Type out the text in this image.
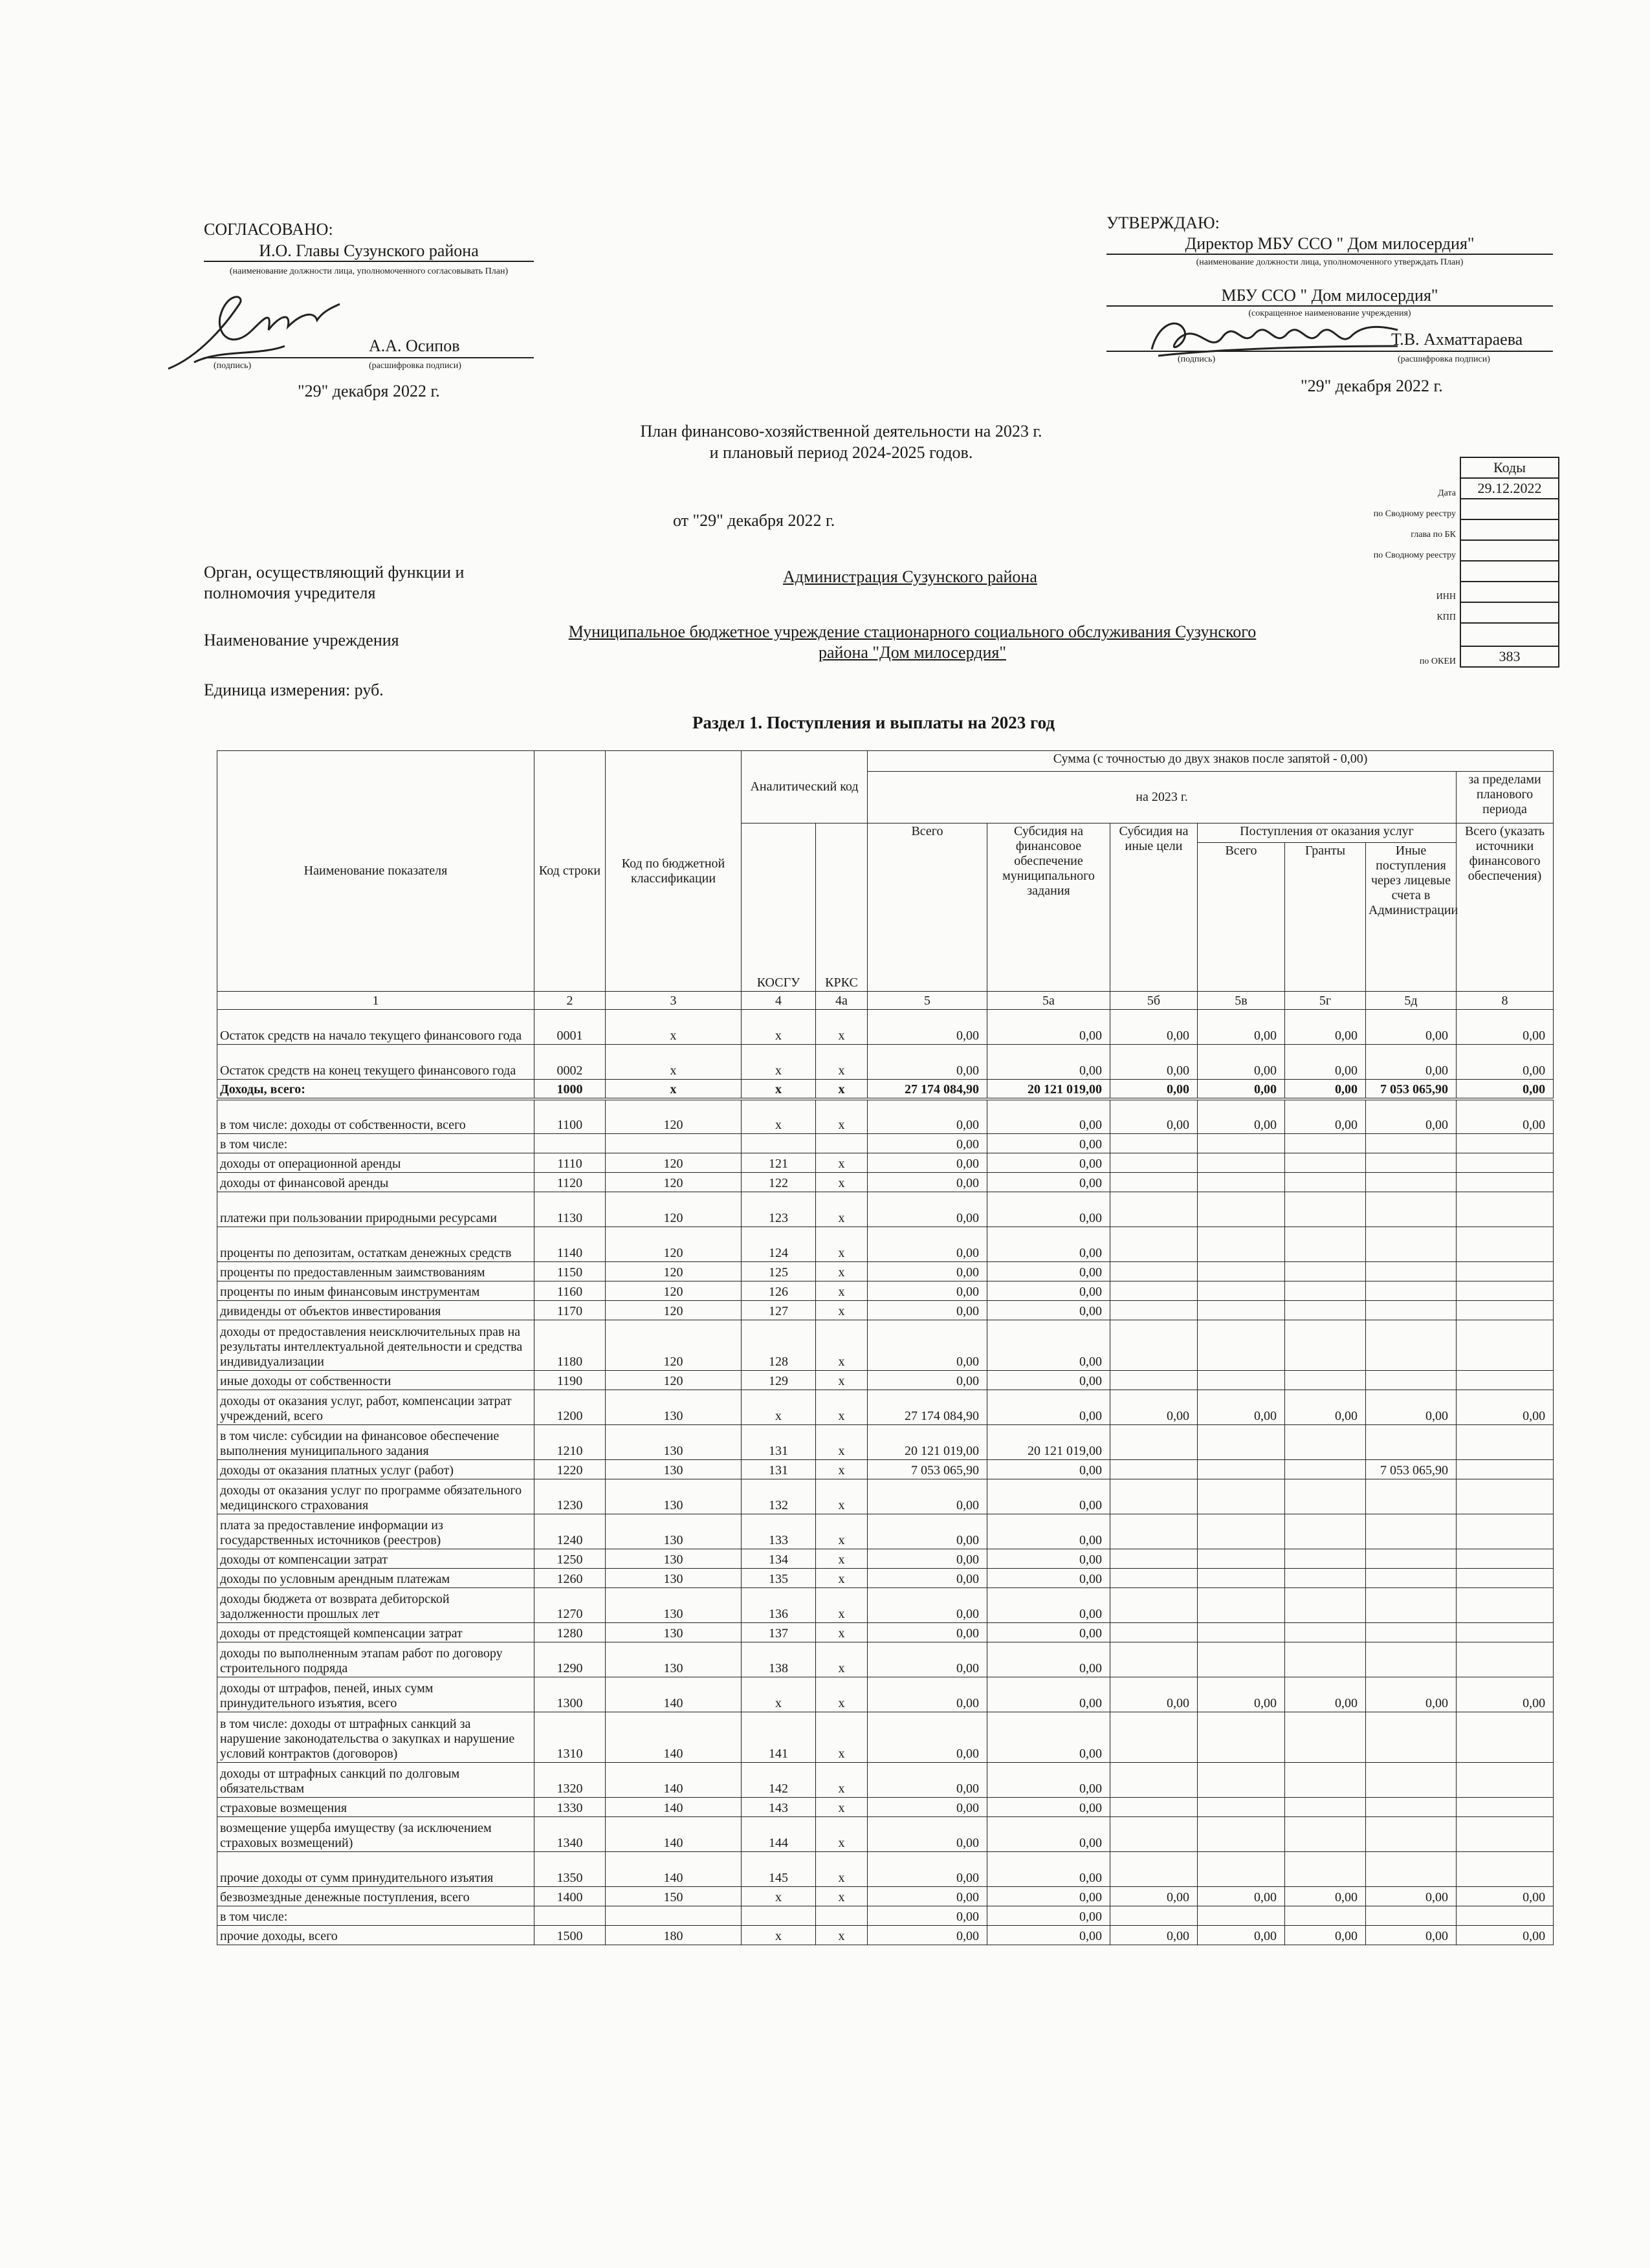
СОГЛАСОВАНО:
И.О. Главы Сузунского района
(наименование должности лица, уполномоченного согласовывать План)
А.А. Осипов
(подпись)	(расшифровка подписи)
"29" декабря 2022 г.
УТВЕРЖДАЮ:
Директор МБУ ССО " Дом милосердия"
(наименование должности лица, уполномоченного утверждать План)
МБУ ССО " Дом милосердия"
(сокращенное наименование учреждения)
Т.В. Ахматтараева
(подпись)	(расшифровка подписи)
"29" декабря 2022 г.
План финансово-хозяйственной деятельности на 2023 г.
и плановый период 2024-2025 годов.
от "29" декабря 2022 г.
	Коды
Дата	29.12.2022
по Сводному реестру	
глава по БК	
по Сводному реестру	

ИНН	
КПП	

по ОКЕИ	383
Орган, осуществляющий функции и
полномочия учредителя
Администрация Сузунского района
Наименование учреждения	Муниципальное бюджетное учреждение стационарного социального обслуживания Сузунского
района "Дом милосердия"
Единица измерения: руб.
Раздел 1. Поступления и выплаты на 2023 год
Наименование показателя	Код строки	Код по бюджетной классификации	Аналитический код		Сумма (с точностью до двух знаков после запятой - 0,00)						
					на 2023 г.						за пределами планового периода
			КОСГУ	КРКС	Всего	Субсидия на финансовое обеспечение муниципального задания	Субсидия на иные цели	Поступления от оказания услуг			Всего (указать источники финансового обеспечения)
								Всего	Гранты	Иные поступления через лицевые счета в Администрации	
1	2	3	4	4а	5	5а	5б	5в	5г	5д	8
Остаток средств на начало текущего финансового года	0001	х	х	х	0,00	0,00	0,00	0,00	0,00	0,00	0,00
Остаток средств на конец текущего финансового года	0002	х	х	х	0,00	0,00	0,00	0,00	0,00	0,00	0,00
Доходы, всего:	1000	х	х	х	27 174 084,90	20 121 019,00	0,00	0,00	0,00	7 053 065,90	0,00
в том числе: доходы от собственности, всего	1100	120	х	х	0,00	0,00	0,00	0,00	0,00	0,00	0,00
в том числе:					0,00	0,00					
доходы от операционной аренды	1110	120	121	х	0,00	0,00					
доходы от финансовой аренды	1120	120	122	х	0,00	0,00					
платежи при пользовании природными ресурсами	1130	120	123	х	0,00	0,00					
проценты по депозитам, остаткам денежных средств	1140	120	124	х	0,00	0,00					
проценты по предоставленным заимствованиям	1150	120	125	х	0,00	0,00					
проценты по иным финансовым инструментам	1160	120	126	х	0,00	0,00					
дивиденды от объектов инвестирования	1170	120	127	х	0,00	0,00					
доходы от предоставления неисключительных прав на результаты интеллектуальной деятельности и средства индивидуализации	1180	120	128	х	0,00	0,00					
иные доходы от собственности	1190	120	129	х	0,00	0,00					
доходы от оказания услуг, работ, компенсации затрат учреждений, всего	1200	130	х	х	27 174 084,90	0,00	0,00	0,00	0,00	0,00	0,00
в том числе: субсидии на финансовое обеспечение выполнения муниципального задания	1210	130	131	х	20 121 019,00	20 121 019,00					
доходы от оказания платных услуг (работ)	1220	130	131	х	7 053 065,90	0,00				7 053 065,90	
доходы от оказания услуг по программе обязательного медицинского страхования	1230	130	132	х	0,00	0,00					
плата за предоставление информации из государственных источников (реестров)	1240	130	133	х	0,00	0,00					
доходы от компенсации затрат	1250	130	134	х	0,00	0,00					
доходы по условным арендным платежам	1260	130	135	х	0,00	0,00					
доходы бюджета от возврата дебиторской задолженности прошлых лет	1270	130	136	х	0,00	0,00					
доходы от предстоящей компенсации затрат	1280	130	137	х	0,00	0,00					
доходы по выполненным этапам работ по договору строительного подряда	1290	130	138	х	0,00	0,00					
доходы от штрафов, пеней, иных сумм принудительного изъятия, всего	1300	140	х	х	0,00	0,00	0,00	0,00	0,00	0,00	0,00
в том числе: доходы от штрафных санкций за нарушение законодательства о закупках и нарушение условий контрактов (договоров)	1310	140	141	х	0,00	0,00					
доходы от штрафных санкций по долговым обязательствам	1320	140	142	х	0,00	0,00					
страховые возмещения	1330	140	143	х	0,00	0,00					
возмещение ущерба имуществу (за исключением страховых возмещений)	1340	140	144	х	0,00	0,00					
прочие доходы от сумм принудительного изъятия	1350	140	145	х	0,00	0,00					
безвозмездные денежные поступления, всего	1400	150	х	х	0,00	0,00	0,00	0,00	0,00	0,00	0,00
в том числе:					0,00	0,00					
прочие доходы, всего	1500	180	х	х	0,00	0,00	0,00	0,00	0,00	0,00	0,00
